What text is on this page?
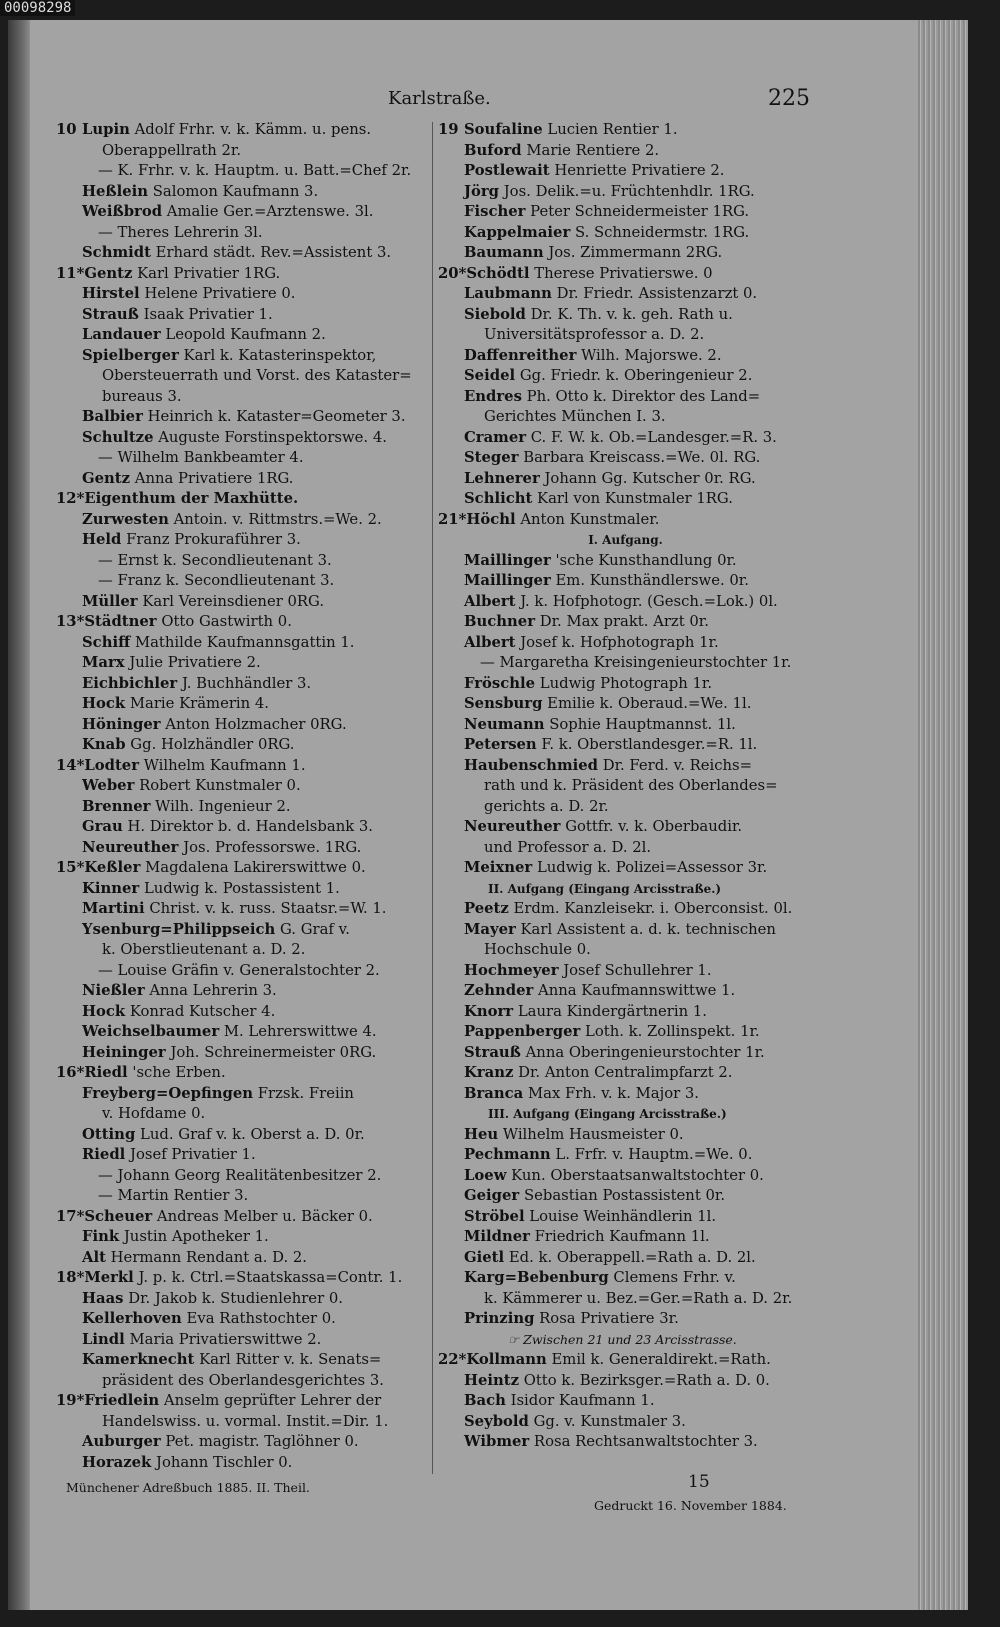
00098298
Karlstraße.	225
10 Lupin Adolf Frhr. v. k. Kämm. u. pens.
Oberappellrath 2r.
— K. Frhr. v. k. Hauptm. u. Batt.=Chef 2r.
Heßlein Salomon Kaufmann 3.
Weißbrod Amalie Ger.=Arztenswe. 3l.
— Theres Lehrerin 3l.
Schmidt Erhard städt. Rev.=Assistent 3.
11*Gentz Karl Privatier 1RG.
Hirstel Helene Privatiere 0.
Strauß Isaak Privatier 1.
Landauer Leopold Kaufmann 2.
Spielberger Karl k. Katasterinspektor,
Obersteuerrath und Vorst. des Kataster=
bureaus 3.
Balbier Heinrich k. Kataster=Geometer 3.
Schultze Auguste Forstinspektorswe. 4.
— Wilhelm Bankbeamter 4.
Gentz Anna Privatiere 1RG.
12*Eigenthum der Maxhütte.
Zurwesten Antoin. v. Rittmstrs.=We. 2.
Held Franz Prokuraführer 3.
— Ernst k. Secondlieutenant 3.
— Franz k. Secondlieutenant 3.
Müller Karl Vereinsdiener 0RG.
13*Städtner Otto Gastwirth 0.
Schiff Mathilde Kaufmannsgattin 1.
Marx Julie Privatiere 2.
Eichbichler J. Buchhändler 3.
Hock Marie Krämerin 4.
Höninger Anton Holzmacher 0RG.
Knab Gg. Holzhändler 0RG.
14*Lodter Wilhelm Kaufmann 1.
Weber Robert Kunstmaler 0.
Brenner Wilh. Ingenieur 2.
Grau H. Direktor b. d. Handelsbank 3.
Neureuther Jos. Professorswe. 1RG.
15*Keßler Magdalena Lakirerswittwe 0.
Kinner Ludwig k. Postassistent 1.
Martini Christ. v. k. russ. Staatsr.=W. 1.
Ysenburg=Philippseich G. Graf v.
k. Oberstlieutenant a. D. 2.
— Louise Gräfin v. Generalstochter 2.
Nießler Anna Lehrerin 3.
Hock Konrad Kutscher 4.
Weichselbaumer M. Lehrerswittwe 4.
Heininger Joh. Schreinermeister 0RG.
16*Riedl 'sche Erben.
Freyberg=Oepfingen Frzsk. Freiin
v. Hofdame 0.
Otting Lud. Graf v. k. Oberst a. D. 0r.
Riedl Josef Privatier 1.
— Johann Georg Realitätenbesitzer 2.
— Martin Rentier 3.
17*Scheuer Andreas Melber u. Bäcker 0.
Fink Justin Apotheker 1.
Alt Hermann Rendant a. D. 2.
18*Merkl J. p. k. Ctrl.=Staatskassa=Contr. 1.
Haas Dr. Jakob k. Studienlehrer 0.
Kellerhoven Eva Rathstochter 0.
Lindl Maria Privatierswittwe 2.
Kamerknecht Karl Ritter v. k. Senats=
präsident des Oberlandesgerichtes 3.
19*Friedlein Anselm geprüfter Lehrer der
Handelswiss. u. vormal. Instit.=Dir. 1.
Auburger Pet. magistr. Taglöhner 0.
Horazek Johann Tischler 0.
19 Soufaline Lucien Rentier 1.
Buford Marie Rentiere 2.
Postlewait Henriette Privatiere 2.
Jörg Jos. Delik.=u. Früchtenhdlr. 1RG.
Fischer Peter Schneidermeister 1RG.
Kappelmaier S. Schneidermstr. 1RG.
Baumann Jos. Zimmermann 2RG.
20*Schödtl Therese Privatierswe. 0
Laubmann Dr. Friedr. Assistenzarzt 0.
Siebold Dr. K. Th. v. k. geh. Rath u.
Universitätsprofessor a. D. 2.
Daffenreither Wilh. Majorswe. 2.
Seidel Gg. Friedr. k. Oberingenieur 2.
Endres Ph. Otto k. Direktor des Land=
Gerichtes München I. 3.
Cramer C. F. W. k. Ob.=Landesger.=R. 3.
Steger Barbara Kreiscass.=We. 0l. RG.
Lehnerer Johann Gg. Kutscher 0r. RG.
Schlicht Karl von Kunstmaler 1RG.
21*Höchl Anton Kunstmaler.
I. Aufgang.
Maillinger 'sche Kunsthandlung 0r.
Maillinger Em. Kunsthändlerswe. 0r.
Albert J. k. Hofphotogr. (Gesch.=Lok.) 0l.
Buchner Dr. Max prakt. Arzt 0r.
Albert Josef k. Hofphotograph 1r.
— Margaretha Kreisingenieurstochter 1r.
Fröschle Ludwig Photograph 1r.
Sensburg Emilie k. Oberaud.=We. 1l.
Neumann Sophie Hauptmannst. 1l.
Petersen F. k. Oberstlandesger.=R. 1l.
Haubenschmied Dr. Ferd. v. Reichs=
rath und k. Präsident des Oberlandes=
gerichts a. D. 2r.
Neureuther Gottfr. v. k. Oberbaudir.
und Professor a. D. 2l.
Meixner Ludwig k. Polizei=Assessor 3r.
II. Aufgang (Eingang Arcisstraße.)
Peetz Erdm. Kanzleisekr. i. Oberconsist. 0l.
Mayer Karl Assistent a. d. k. technischen
Hochschule 0.
Hochmeyer Josef Schullehrer 1.
Zehnder Anna Kaufmannswittwe 1.
Knorr Laura Kindergärtnerin 1.
Pappenberger Loth. k. Zollinspekt. 1r.
Strauß Anna Oberingenieurstochter 1r.
Kranz Dr. Anton Centralimpfarzt 2.
Branca Max Frh. v. k. Major 3.
III. Aufgang (Eingang Arcisstraße.)
Heu Wilhelm Hausmeister 0.
Pechmann L. Frfr. v. Hauptm.=We. 0.
Loew Kun. Oberstaatsanwaltstochter 0.
Geiger Sebastian Postassistent 0r.
Ströbel Louise Weinhändlerin 1l.
Mildner Friedrich Kaufmann 1l.
Gietl Ed. k. Oberappell.=Rath a. D. 2l.
Karg=Bebenburg Clemens Frhr. v.
k. Kämmerer u. Bez.=Ger.=Rath a. D. 2r.
Prinzing Rosa Privatiere 3r.
☞ Zwischen 21 und 23 Arcisstrasse.
22*Kollmann Emil k. Generaldirekt.=Rath.
Heintz Otto k. Bezirksger.=Rath a. D. 0.
Bach Isidor Kaufmann 1.
Seybold Gg. v. Kunstmaler 3.
Wibmer Rosa Rechtsanwaltstochter 3.
Münchener Adreßbuch 1885. II. Theil.	15
Gedruckt 16. November 1884.
